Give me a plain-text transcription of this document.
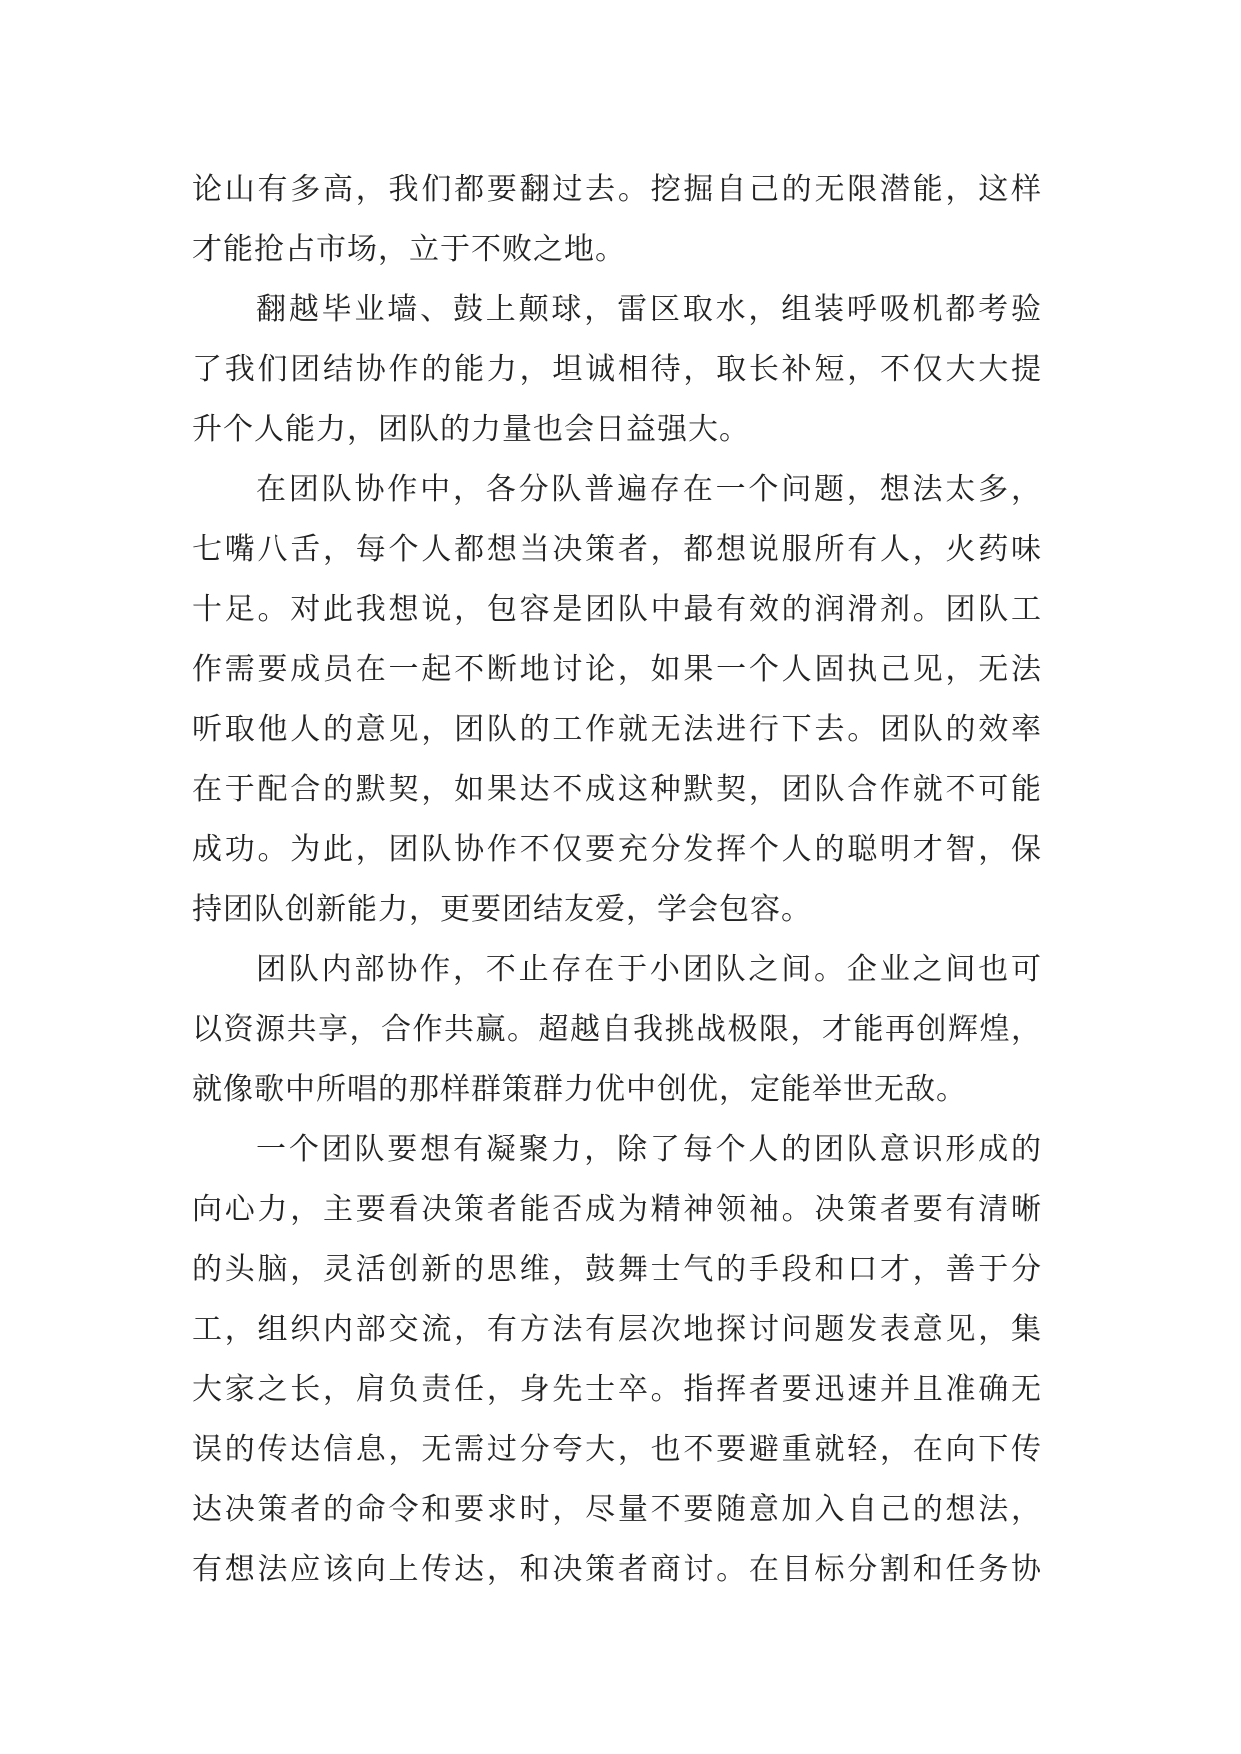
论山有多高，我们都要翻过去。挖掘自己的无限潜能，这样
才能抢占市场，立于不败之地。
翻越毕业墙、鼓上颠球，雷区取水，组装呼吸机都考验
了我们团结协作的能力，坦诚相待，取长补短，不仅大大提
升个人能力，团队的力量也会日益强大。
在团队协作中，各分队普遍存在一个问题，想法太多，
七嘴八舌，每个人都想当决策者，都想说服所有人，火药味
十足。对此我想说，包容是团队中最有效的润滑剂。团队工
作需要成员在一起不断地讨论，如果一个人固执己见，无法
听取他人的意见，团队的工作就无法进行下去。团队的效率
在于配合的默契，如果达不成这种默契，团队合作就不可能
成功。为此，团队协作不仅要充分发挥个人的聪明才智，保
持团队创新能力，更要团结友爱，学会包容。
团队内部协作，不止存在于小团队之间。企业之间也可
以资源共享，合作共赢。超越自我挑战极限，才能再创辉煌，
就像歌中所唱的那样群策群力优中创优，定能举世无敌。
一个团队要想有凝聚力，除了每个人的团队意识形成的
向心力，主要看决策者能否成为精神领袖。决策者要有清晰
的头脑，灵活创新的思维，鼓舞士气的手段和口才，善于分
工，组织内部交流，有方法有层次地探讨问题发表意见，集
大家之长，肩负责任，身先士卒。指挥者要迅速并且准确无
误的传达信息，无需过分夸大，也不要避重就轻，在向下传
达决策者的命令和要求时，尽量不要随意加入自己的想法，
有想法应该向上传达，和决策者商讨。在目标分割和任务协
